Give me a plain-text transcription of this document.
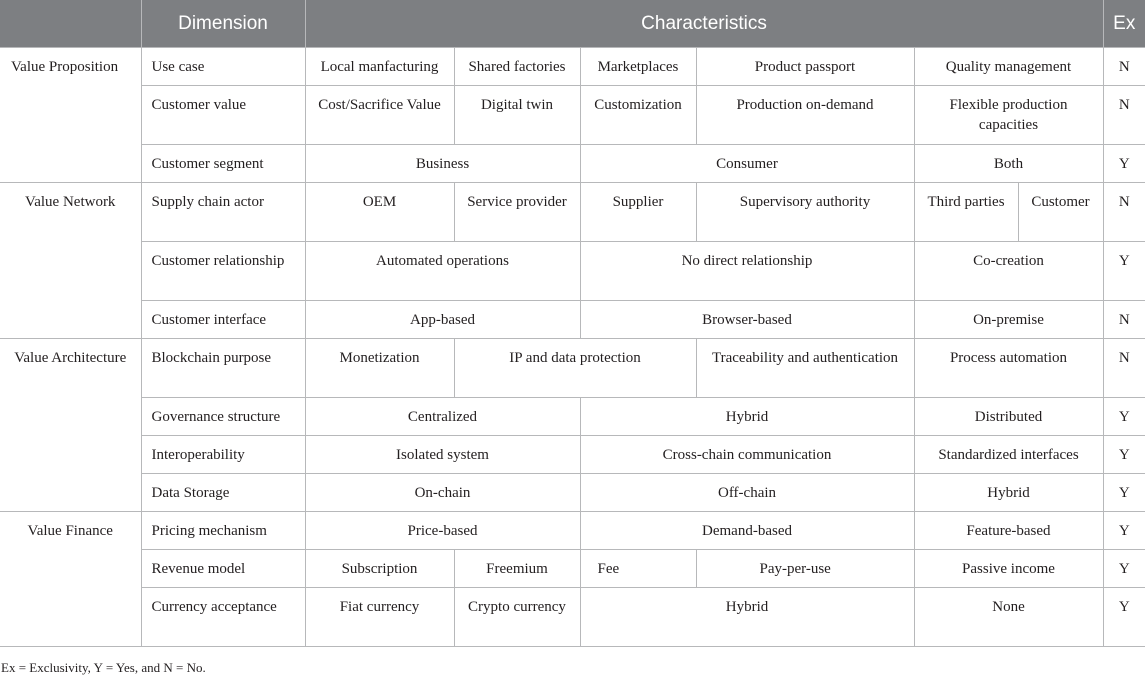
	Dimension	Characteristics						Ex
Value Proposition	Use case	Local manfacturing	Shared factories	Marketplaces	Product passport	Quality management		N
	Customer value	Cost/Sacrifice Value	Digital twin	Customization	Production on-demand	Flexible production capacities		N
	Customer segment	Business		Consumer		Both		Y
Value Network	Supply chain actor	OEM	Service provider	Supplier	Supervisory authority	Third parties	Customer	N
	Customer relationship	Automated operations		No direct relationship		Co-creation		Y
	Customer interface	App-based		Browser-based		On-premise		N
Value Architecture	Blockchain purpose	Monetization	IP and data protection		Traceability and authentication	Process automation		N
	Governance structure	Centralized		Hybrid		Distributed		Y
	Interoperability	Isolated system		Cross-chain communication		Standardized interfaces		Y
	Data Storage	On-chain		Off-chain		Hybrid		Y
Value Finance	Pricing mechanism	Price-based		Demand-based		Feature-based		Y
	Revenue model	Subscription	Freemium	Fee	Pay-per-use	Passive income		Y
	Currency acceptance	Fiat currency	Crypto currency	Hybrid		None		Y
Ex = Exclusivity, Y = Yes, and N = No.
